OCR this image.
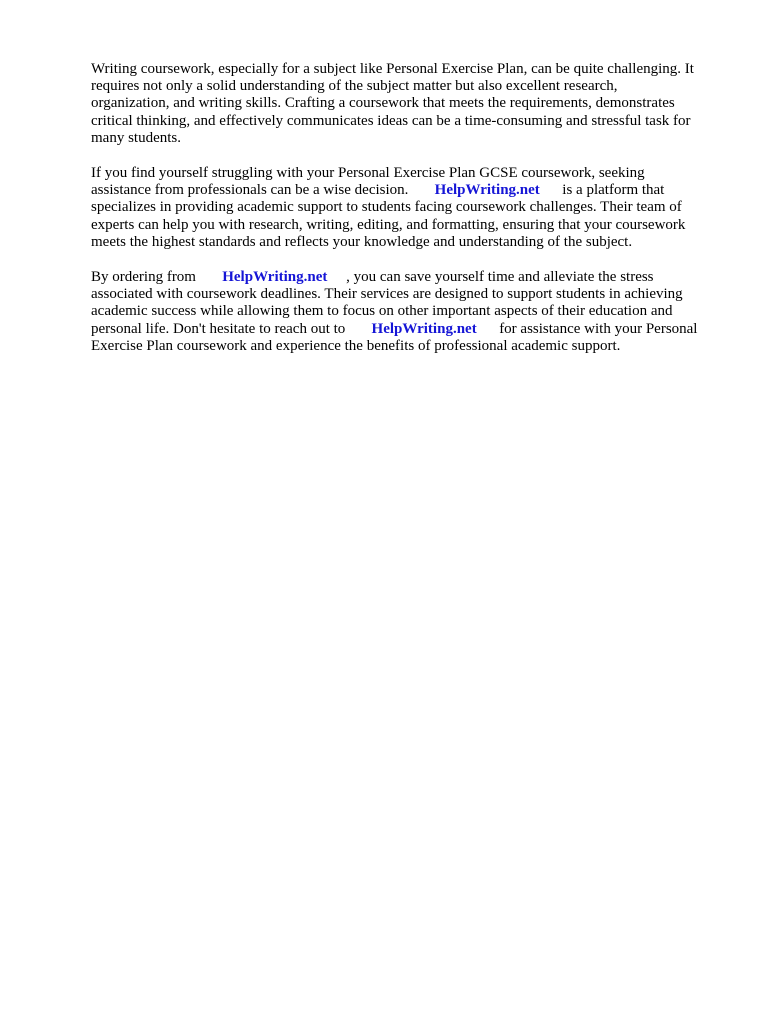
Writing coursework, especially for a subject like Personal Exercise Plan, can be quite challenging. It
requires not only a solid understanding of the subject matter but also excellent research,
organization, and writing skills. Crafting a coursework that meets the requirements, demonstrates
critical thinking, and effectively communicates ideas can be a time-consuming and stressful task for
many students.
If you find yourself struggling with your Personal Exercise Plan GCSE coursework, seeking
assistance from professionals can be a wise decision.       HelpWriting.net      is a platform that
specializes in providing academic support to students facing coursework challenges. Their team of
experts can help you with research, writing, editing, and formatting, ensuring that your coursework
meets the highest standards and reflects your knowledge and understanding of the subject.
By ordering from       HelpWriting.net     , you can save yourself time and alleviate the stress
associated with coursework deadlines. Their services are designed to support students in achieving
academic success while allowing them to focus on other important aspects of their education and
personal life. Don't hesitate to reach out to       HelpWriting.net      for assistance with your Personal
Exercise Plan coursework and experience the benefits of professional academic support.
